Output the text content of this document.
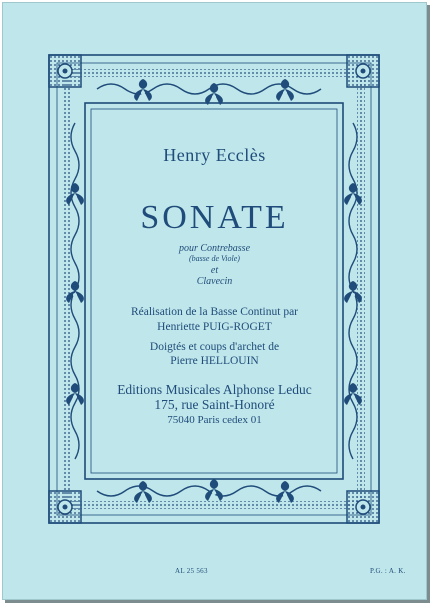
Henry Ecclès
SONATE
pour Contrebasse
(basse de Viole)
et
Clavecin
Réalisation de la Basse Continut par
Henriette PUIG-ROGET
Doigtés et coups d'archet de
Pierre HELLOUIN
Editions Musicales Alphonse Leduc
175, rue Saint-Honoré
75040 Paris cedex 01
AL 25 563	P.G. : A. K.
